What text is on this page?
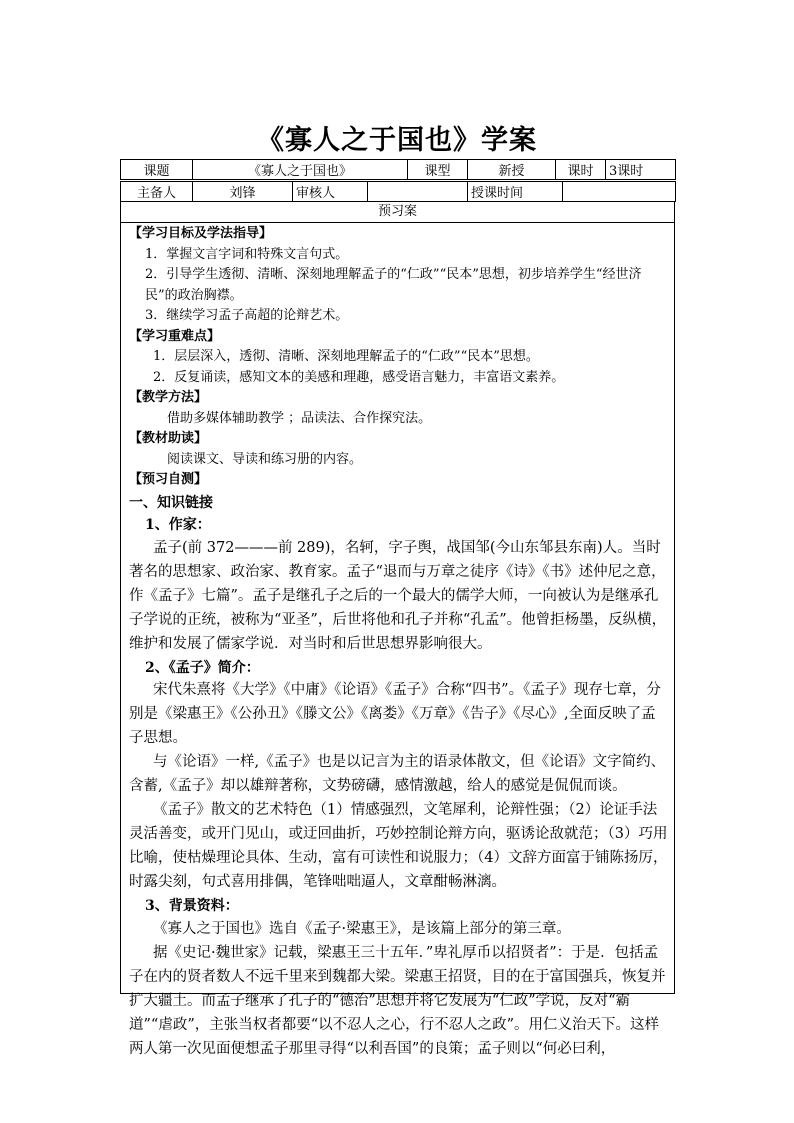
《寡人之于国也》学案
课题	《寡人之于国也》	课型	新授	课时	3课时
主备人	刘锋	审核人		授课时间	
预习案
【学习目标及学法指导】
1．掌握文言字词和特殊文言句式。
2．引导学生透彻、清晰、深刻地理解孟子的“仁政”“民本”思想，初步培养学生“经世济民”的政治胸襟。
3．继续学习孟子高超的论辩艺术。
【学习重难点】
1．层层深入，透彻、清晰、深刻地理解孟子的“仁政”“民本”思想。
2．反复诵读，感知文本的美感和理趣，感受语言魅力，丰富语文素养。
【教学方法】
借助多媒体辅助教学 ；品读法、合作探究法。
【教材助读】
阅读课文、导读和练习册的内容。
【预习自测】
一、知识链接
1、作家：
孟子(前 372———前 289)，名轲，字子舆，战国邹(今山东邹县东南)人。当时著名的思想家、政治家、教育家。孟子“退而与万章之徒序《诗》《书》述仲尼之意，作《孟子》七篇”。孟子是继孔子之后的一个最大的儒学大师，一向被认为是继承孔子学说的正统，被称为“亚圣”，后世将他和孔子并称“孔孟”。他曾拒杨墨，反纵横，维护和发展了儒家学说．对当时和后世思想界影响很大。
2、《孟子》简介：
宋代朱熹将《大学》《中庸》《论语》《孟子》合称“四书”。《孟子》现存七章，分别是《梁惠王》《公孙丑》《滕文公》《离娄》《万章》《告子》《尽心》,全面反映了孟子思想。
与《论语》一样,《孟子》也是以记言为主的语录体散文，但《论语》文字简约、含蓄,《孟子》却以雄辩著称，文势磅礴，感情激越，给人的感觉是侃侃而谈。
《孟子》散文的艺术特色（1）情感强烈，文笔犀利，论辩性强；（2）论证手法灵活善变，或开门见山，或迂回曲折，巧妙控制论辩方向，驱诱论敌就范；（3）巧用比喻，使枯燥理论具体、生动，富有可读性和说服力；（4）文辞方面富于铺陈扬厉，时露尖刻，句式喜用排偶，笔锋咄咄逼人，文章酣畅淋漓。
3、背景资料：
《寡人之于国也》选自《孟子·梁惠王》，是该篇上部分的第三章。
据《史记·魏世家》记载，梁惠王三十五年．”卑礼厚币以招贤者”：于是．包括孟子在内的贤者数人不远千里来到魏都大梁。梁惠王招贤，目的在于富国强兵，恢复并扩大疆土。而孟子继承了孔子的“德治”思想并将它发展为“仁政”学说，反对“霸道”“虐政”，主张当权者都要“以不忍人之心，行不忍人之政”。用仁义治天下。这样两人第一次见面便想孟子那里寻得“以利吾国”的良策；孟子则以“何必曰利，
